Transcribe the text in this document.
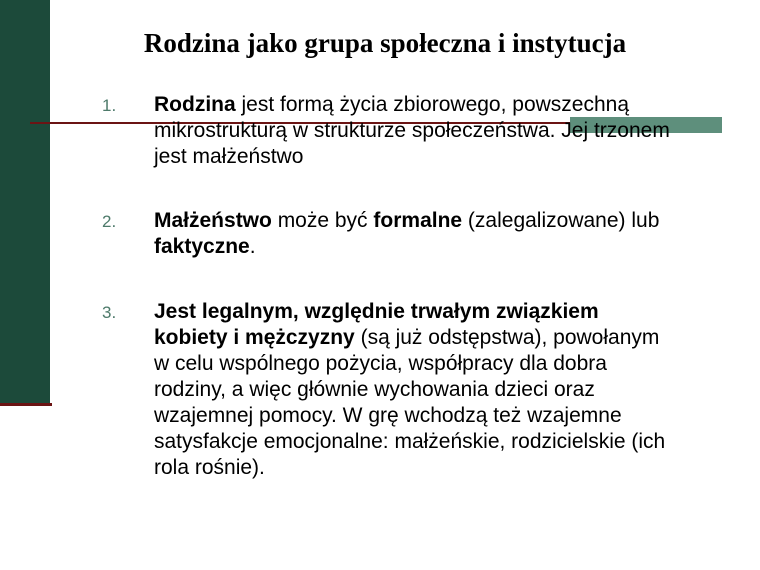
Rodzina jako grupa społeczna i instytucja
1. Rodzina jest formą życia zbiorowego, powszechną
mikrostrukturą w strukturze społeczeństwa. Jej trzonem
jest małżeństwo
2. Małżeństwo może być formalne (zalegalizowane) lub
faktyczne.
3. Jest legalnym, względnie trwałym związkiem
kobiety i mężczyzny (są już odstępstwa), powołanym
w celu wspólnego pożycia, współpracy dla dobra
rodziny, a więc głównie wychowania dzieci oraz
wzajemnej pomocy. W grę wchodzą też wzajemne
satysfakcje emocjonalne: małżeńskie, rodzicielskie (ich
rola rośnie).
